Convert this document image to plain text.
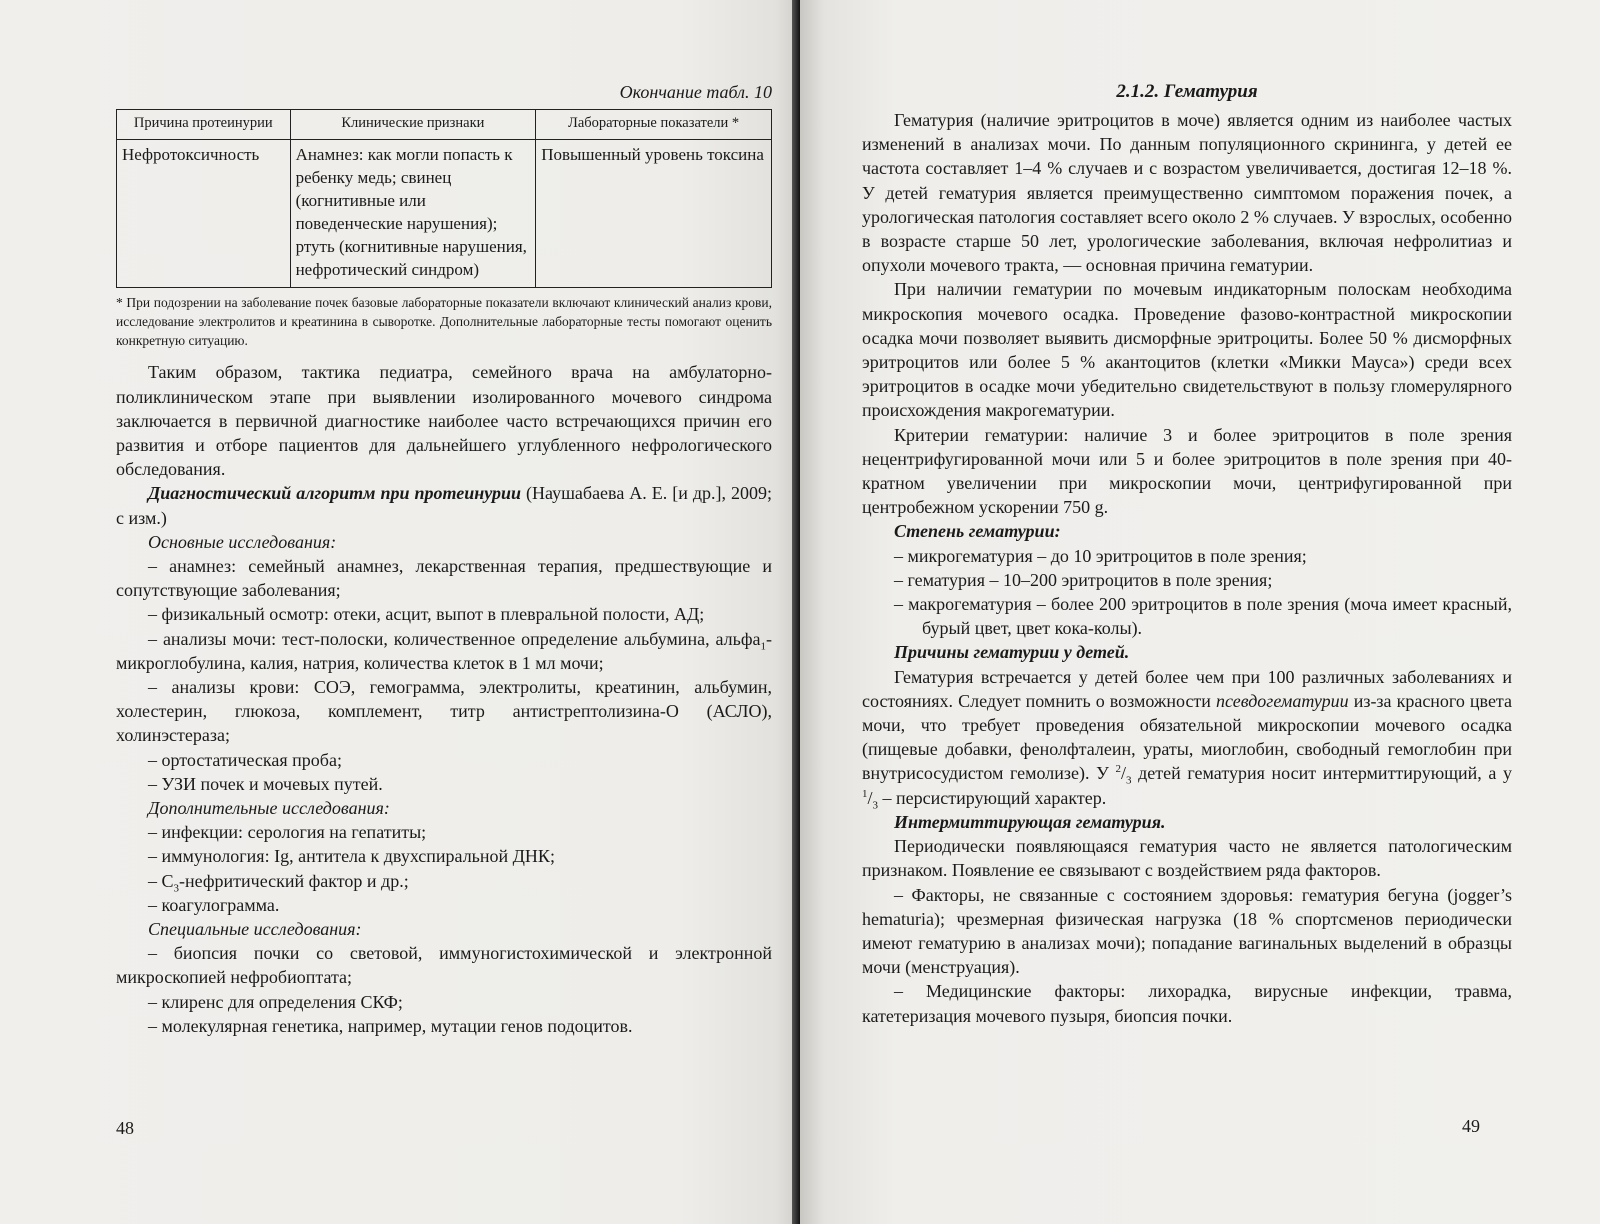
Окончание табл. 10
Причина протеинурии	Клинические признаки	Лабораторные показатели *
Нефротоксичность	Анамнез: как могли попасть к ребенку медь; свинец (когнитивные или поведенческие нарушения); ртуть (когнитивные нарушения, нефротический синдром)	Повышенный уровень токсина
* При подозрении на заболевание почек базовые лабораторные показатели включают клинический анализ крови, исследование электролитов и креатинина в сыворотке. Дополнительные лабораторные тесты помогают оценить конкретную ситуацию.

Таким образом, тактика педиатра, семейного врача на амбулаторно-поликлиническом этапе при выявлении изолированного мочевого синдрома заключается в первичной диагностике наиболее часто встречающихся причин его развития и отборе пациентов для дальнейшего углубленного нефрологического обследования.

Диагностический алгоритм при протеинурии (Наушабаева А. Е. [и др.], 2009; с изм.)

Основные исследования:

– анамнез: семейный анамнез, лекарственная терапия, предшествующие и сопутствующие заболевания;

– физикальный осмотр: отеки, асцит, выпот в плевральной полости, АД;

– анализы мочи: тест-полоски, количественное определение альбумина, альфа$_1$-микроглобулина, калия, натрия, количества клеток в 1 мл мочи;

– анализы крови: СОЭ, гемограмма, электролиты, креатинин, альбумин, холестерин, глюкоза, комплемент, титр антистрептолизина-О (АСЛО), холинэстераза;

– ортостатическая проба;

– УЗИ почек и мочевых путей.

Дополнительные исследования:

– инфекции: серология на гепатиты;

– иммунология: Ig, антитела к двухспиральной ДНК;

– $С_3$-нефритический фактор и др.;

– коагулограмма.

Специальные исследования:

– биопсия почки со световой, иммуногистохимической и электронной микроскопией нефробиоптата;

– клиренс для определения СКФ;

– молекулярная генетика, например, мутации генов подоцитов.

48
2.1.2. Гематурия

Гематурия (наличие эритроцитов в моче) является одним из наиболее частых изменений в анализах мочи. По данным популяционного скрининга, у детей ее частота составляет 1–4 % случаев и с возрастом увеличивается, достигая 12–18 %. У детей гематурия является преимущественно симптомом поражения почек, а урологическая патология составляет всего около 2 % случаев. У взрослых, особенно в возрасте старше 50 лет, урологические заболевания, включая нефролитиаз и опухоли мочевого тракта, — основная причина гематурии.

При наличии гематурии по мочевым индикаторным полоскам необходима микроскопия мочевого осадка. Проведение фазово-контрастной микроскопии осадка мочи позволяет выявить дисморфные эритроциты. Более 50 % дисморфных эритроцитов или более 5 % акантоцитов (клетки «Микки Мауса») среди всех эритроцитов в осадке мочи убедительно свидетельствуют в пользу гломерулярного происхождения макрогематурии.

Критерии гематурии: наличие 3 и более эритроцитов в поле зрения нецентрифугированной мочи или 5 и более эритроцитов в поле зрения при 40-кратном увеличении при микроскопии мочи, центрифугированной при центробежном ускорении 750 g.

Степень гематурии:

– микрогематурия – до 10 эритроцитов в поле зрения;

– гематурия – 10–200 эритроцитов в поле зрения;

– макрогематурия – более 200 эритроцитов в поле зрения (моча имеет красный, бурый цвет, цвет кока-колы).

Причины гематурии у детей.

Гематурия встречается у детей более чем при 100 различных заболеваниях и состояниях. Следует помнить о возможности псевдогематурии из-за красного цвета мочи, что требует проведения обязательной микроскопии мочевого осадка (пищевые добавки, фенолфталеин, ураты, миоглобин, свободный гемоглобин при внутрисосудистом гемолизе). У $^2/_3$ детей гематурия носит интермиттирующий, а у $^1/_3$ – персистирующий характер.

Интермиттирующая гематурия.

Периодически появляющаяся гематурия часто не является патологическим признаком. Появление ее связывают с воздействием ряда факторов.

– Факторы, не связанные с состоянием здоровья: гематурия бегуна (jogger’s hematuria); чрезмерная физическая нагрузка (18 % спортсменов периодически имеют гематурию в анализах мочи); попадание вагинальных выделений в образцы мочи (менструация).

– Медицинские факторы: лихорадка, вирусные инфекции, травма, катетеризация мочевого пузыря, биопсия почки.

49
